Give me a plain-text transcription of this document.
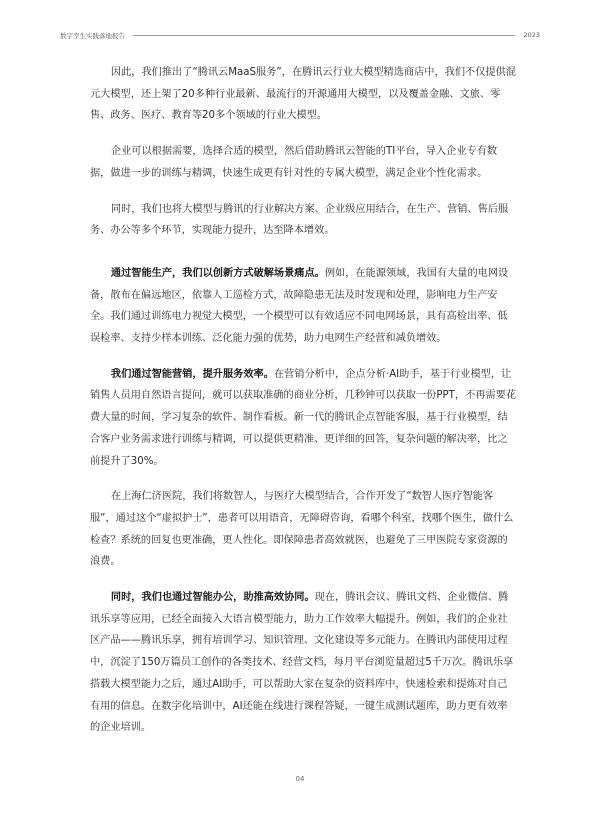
数字孪生实践落地报告	2023

因此，我们推出了“腾讯云MaaS服务”，在腾讯云行业大模型精选商店中，我们不仅提供混元大模型，还上架了20多种行业最新、最流行的开源通用大模型，以及覆盖金融、文旅、零售、政务、医疗、教育等20多个领域的行业大模型。

企业可以根据需要，选择合适的模型，然后借助腾讯云智能的TI平台，导入企业专有数据，做进一步的训练与精调，快速生成更有针对性的专属大模型，满足企业个性化需求。

同时，我们也将大模型与腾讯的行业解决方案、企业级应用结合，在生产、营销、售后服务、办公等多个环节，实现能力提升，达至降本增效。

通过智能生产，我们以创新方式破解场景痛点。例如，在能源领域，我国有大量的电网设备，散布在偏远地区，依靠人工巡检方式，故障隐患无法及时发现和处理，影响电力生产安全。我们通过训练电力视觉大模型，一个模型可以有效适应不同电网场景，具有高检出率、低误检率、支持少样本训练、泛化能力强的优势，助力电网生产经营和减负增效。

我们通过智能营销，提升服务效率。在营销分析中，企点分析·AI助手，基于行业模型，让销售人员用自然语言提问，就可以获取准确的商业分析，几秒钟可以获取一份PPT，不再需要花费大量的时间，学习复杂的软件、制作看板。新一代的腾讯企点智能客服，基于行业模型，结合客户业务需求进行训练与精调，可以提供更精准、更详细的回答，复杂问题的解决率，比之前提升了30%。

在上海仁济医院，我们将数智人，与医疗大模型结合，合作开发了“数智人医疗智能客服”，通过这个“虚拟护士”，患者可以用语音，无障碍咨询，看哪个科室，找哪个医生，做什么检查？系统的回复也更准确，更人性化。即保障患者高效就医，也避免了三甲医院专家资源的浪费。

同时，我们也通过智能办公，助推高效协同。现在，腾讯会议、腾讯文档、企业微信、腾讯乐享等应用，已经全面接入大语言模型能力，助力工作效率大幅提升。例如，我们的企业社区产品——腾讯乐享，拥有培训学习、知识管理、文化建设等多元能力。在腾讯内部使用过程中，沉淀了150万篇员工创作的各类技术、经营文档，每月平台浏览量超过5千万次。腾讯乐享搭载大模型能力之后，通过AI助手，可以帮助大家在复杂的资料库中，快速检索和提炼对自己有用的信息。在数字化培训中，AI还能在线进行课程答疑，一键生成测试题库，助力更有效率的企业培训。

04
